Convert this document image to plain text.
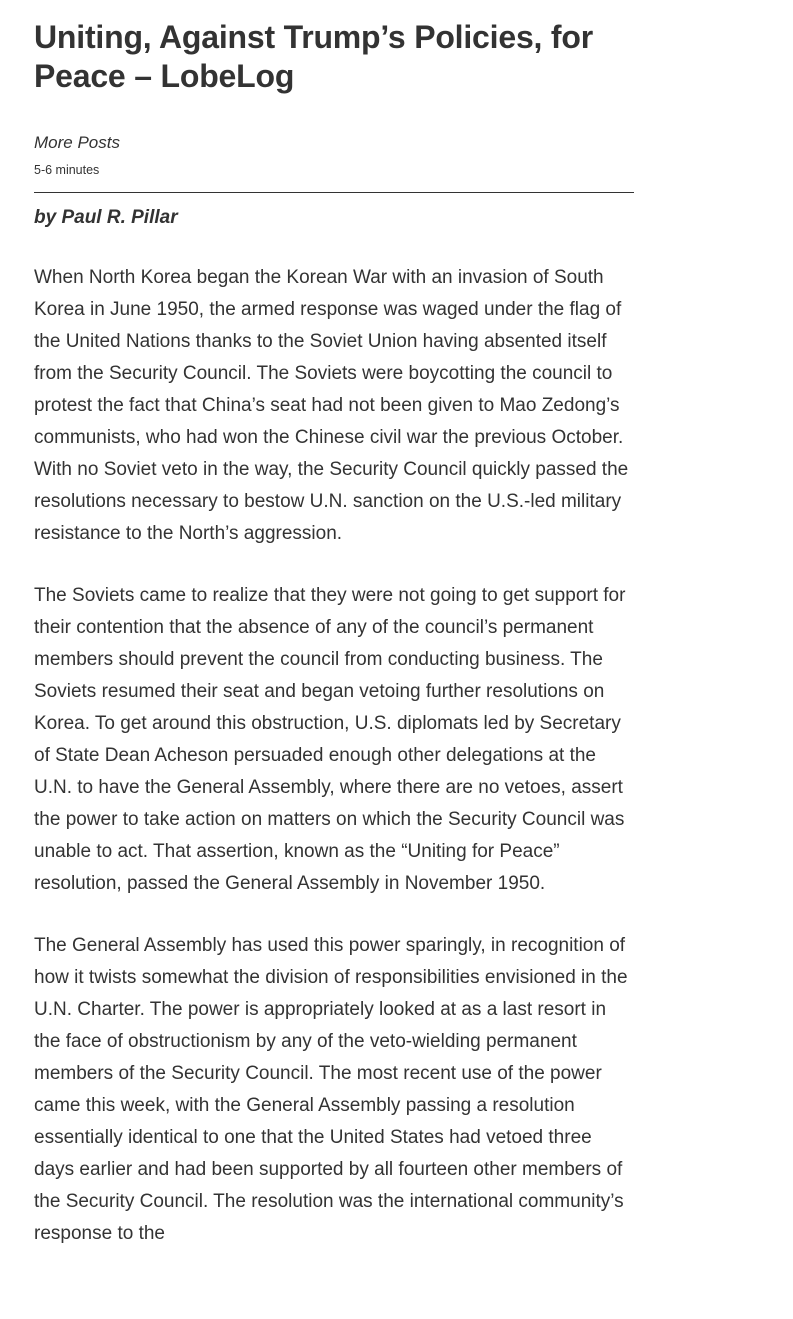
Uniting, Against Trump’s Policies, for Peace – LobeLog

More Posts

5-6 minutes

by Paul R. Pillar

When North Korea began the Korean War with an invasion of South Korea in June 1950, the armed response was waged under the flag of the United Nations thanks to the Soviet Union having absented itself from the Security Council. The Soviets were boycotting the council to protest the fact that China’s seat had not been given to Mao Zedong’s communists, who had won the Chinese civil war the previous October. With no Soviet veto in the way, the Security Council quickly passed the resolutions necessary to bestow U.N. sanction on the U.S.-led military resistance to the North’s aggression.

The Soviets came to realize that they were not going to get support for their contention that the absence of any of the council’s permanent members should prevent the council from conducting business. The Soviets resumed their seat and began vetoing further resolutions on Korea. To get around this obstruction, U.S. diplomats led by Secretary of State Dean Acheson persuaded enough other delegations at the U.N. to have the General Assembly, where there are no vetoes, assert the power to take action on matters on which the Security Council was unable to act. That assertion, known as the “Uniting for Peace” resolution, passed the General Assembly in November 1950.

The General Assembly has used this power sparingly, in recognition of how it twists somewhat the division of responsibilities envisioned in the U.N. Charter. The power is appropriately looked at as a last resort in the face of obstructionism by any of the veto-wielding permanent members of the Security Council. The most recent use of the power came this week, with the General Assembly passing a resolution essentially identical to one that the United States had vetoed three days earlier and had been supported by all fourteen other members of the Security Council. The resolution was the international community’s response to the
